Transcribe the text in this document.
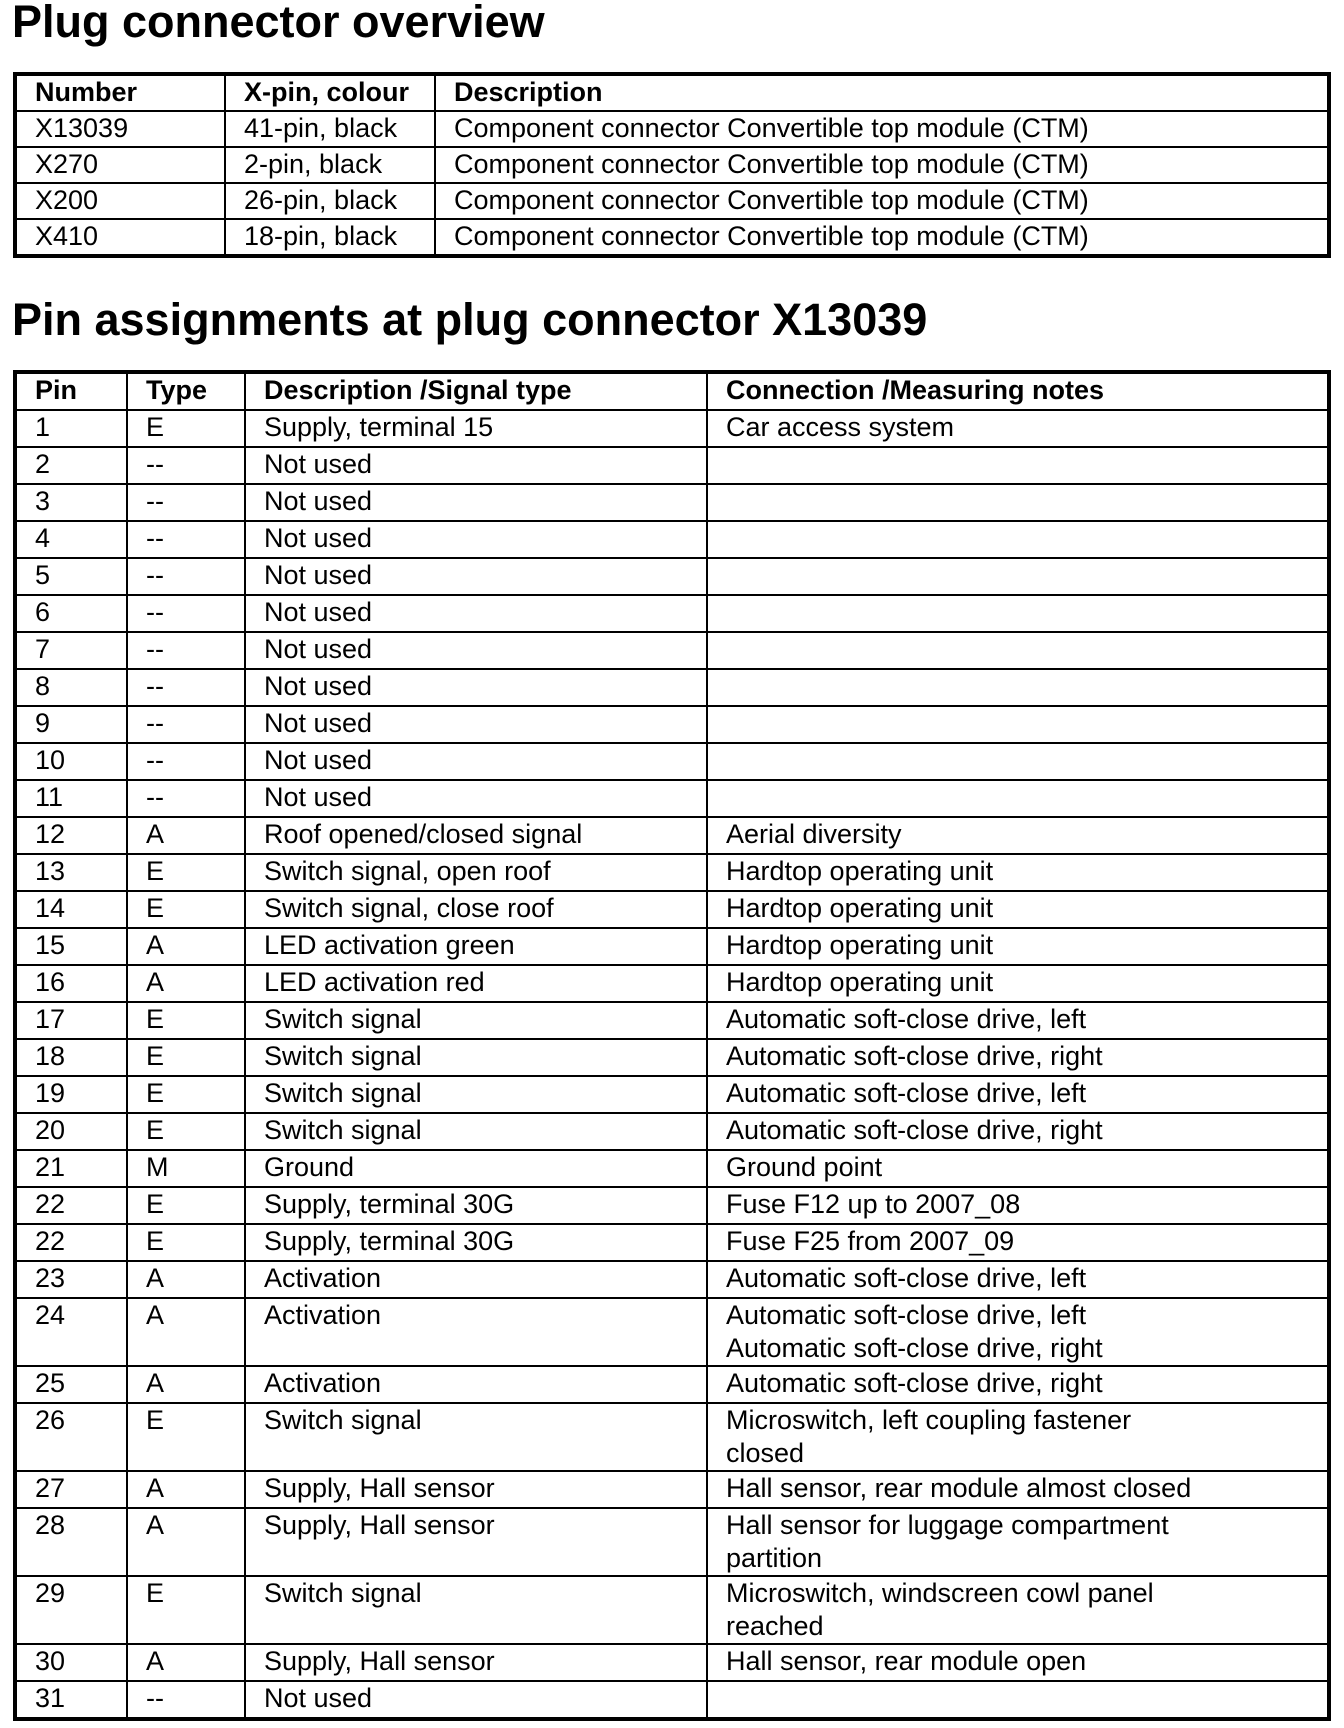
Plug connector overview
Number	X-pin, colour	Description
X13039	41-pin, black	Component connector Convertible top module (CTM)
X270	2-pin, black	Component connector Convertible top module (CTM)
X200	26-pin, black	Component connector Convertible top module (CTM)
X410	18-pin, black	Component connector Convertible top module (CTM)
Pin assignments at plug connector X13039
Pin	Type	Description /Signal type	Connection /Measuring notes
1	E	Supply, terminal 15	Car access system
2	--	Not used	
3	--	Not used	
4	--	Not used	
5	--	Not used	
6	--	Not used	
7	--	Not used	
8	--	Not used	
9	--	Not used	
10	--	Not used	
11	--	Not used	
12	A	Roof opened/closed signal	Aerial diversity
13	E	Switch signal, open roof	Hardtop operating unit
14	E	Switch signal, close roof	Hardtop operating unit
15	A	LED activation green	Hardtop operating unit
16	A	LED activation red	Hardtop operating unit
17	E	Switch signal	Automatic soft-close drive, left
18	E	Switch signal	Automatic soft-close drive, right
19	E	Switch signal	Automatic soft-close drive, left
20	E	Switch signal	Automatic soft-close drive, right
21	M	Ground	Ground point
22	E	Supply, terminal 30G	Fuse F12 up to 2007_08
22	E	Supply, terminal 30G	Fuse F25 from 2007_09
23	A	Activation	Automatic soft-close drive, left
24	A	Activation	Automatic soft-close drive, left
Automatic soft-close drive, right

25	A	Activation	Automatic soft-close drive, right
26	E	Switch signal	Microswitch, left coupling fastener
closed

27	A	Supply, Hall sensor	Hall sensor, rear module almost closed
28	A	Supply, Hall sensor	Hall sensor for luggage compartment
partition

29	E	Switch signal	Microswitch, windscreen cowl panel
reached

30	A	Supply, Hall sensor	Hall sensor, rear module open
31	--	Not used	
